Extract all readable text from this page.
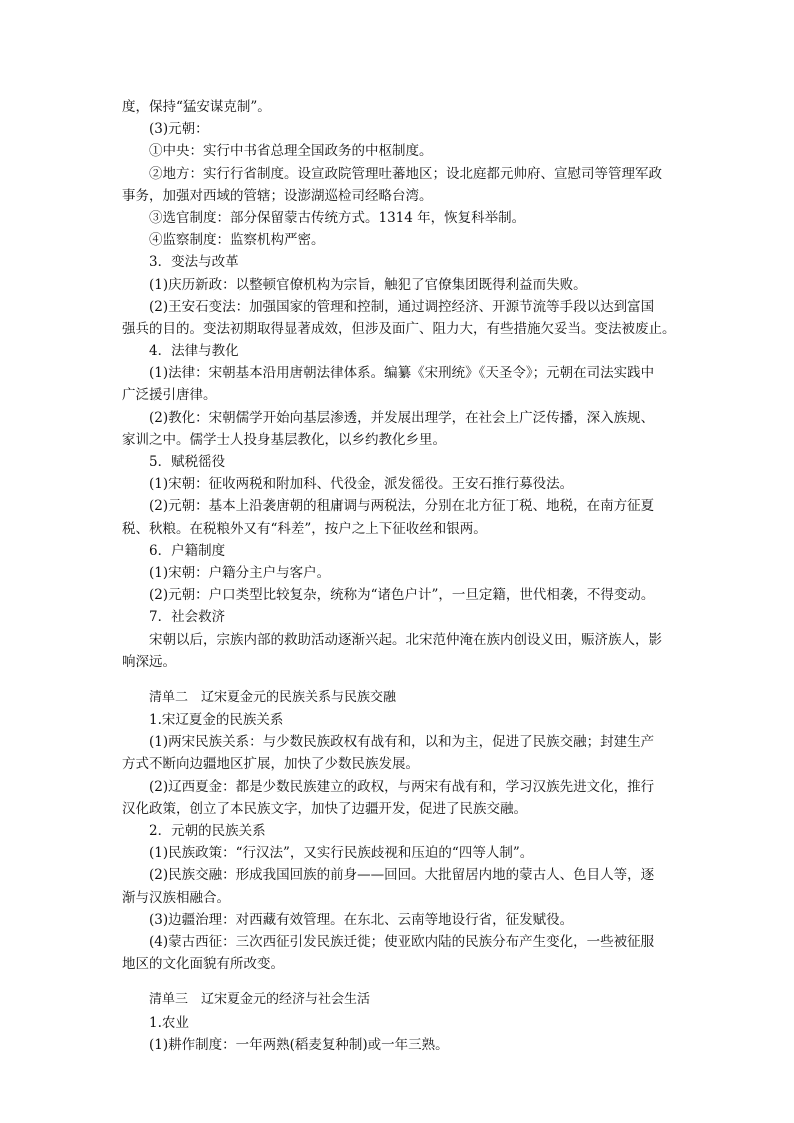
度，保持“猛安谋克制”。
(3)元朝：
①中央：实行中书省总理全国政务的中枢制度。
②地方：实行行省制度。设宣政院管理吐蕃地区；设北庭都元帅府、宣慰司等管理军政
事务，加强对西域的管辖；设澎湖巡检司经略台湾。
③选官制度：部分保留蒙古传统方式。1314 年，恢复科举制。
④监察制度：监察机构严密。
3．变法与改革
(1)庆历新政：以整顿官僚机构为宗旨，触犯了官僚集团既得利益而失败。
(2)王安石变法：加强国家的管理和控制，通过调控经济、开源节流等手段以达到富国
强兵的目的。变法初期取得显著成效，但涉及面广、阻力大，有些措施欠妥当。变法被废止。
4．法律与教化
(1)法律：宋朝基本沿用唐朝法律体系。编纂《宋刑统》《天圣令》；元朝在司法实践中
广泛援引唐律。
(2)教化：宋朝儒学开始向基层渗透，并发展出理学，在社会上广泛传播，深入族规、
家训之中。儒学士人投身基层教化，以乡约教化乡里。
5．赋税徭役
(1)宋朝：征收两税和附加科、代役金，派发徭役。王安石推行募役法。
(2)元朝：基本上沿袭唐朝的租庸调与两税法，分别在北方征丁税、地税，在南方征夏
税、秋粮。在税粮外又有“科差”，按户之上下征收丝和银两。
6．户籍制度
(1)宋朝：户籍分主户与客户。
(2)元朝：户口类型比较复杂，统称为“诸色户计”，一旦定籍，世代相袭，不得变动。
7．社会救济
宋朝以后，宗族内部的救助活动逐渐兴起。北宋范仲淹在族内创设义田，赈济族人，影
响深远。
清单二　辽宋夏金元的民族关系与民族交融
1.宋辽夏金的民族关系
(1)两宋民族关系：与少数民族政权有战有和，以和为主，促进了民族交融；封建生产
方式不断向边疆地区扩展，加快了少数民族发展。
(2)辽西夏金：都是少数民族建立的政权，与两宋有战有和，学习汉族先进文化，推行
汉化政策，创立了本民族文字，加快了边疆开发，促进了民族交融。
2．元朝的民族关系
(1)民族政策：“行汉法”，又实行民族歧视和压迫的“四等人制”。
(2)民族交融：形成我国回族的前身——回回。大批留居内地的蒙古人、色目人等，逐
渐与汉族相融合。
(3)边疆治理：对西藏有效管理。在东北、云南等地设行省，征发赋役。
(4)蒙古西征：三次西征引发民族迁徙；使亚欧内陆的民族分布产生变化，一些被征服
地区的文化面貌有所改变。
清单三　辽宋夏金元的经济与社会生活
1.农业
(1)耕作制度：一年两熟(稻麦复种制)或一年三熟。
